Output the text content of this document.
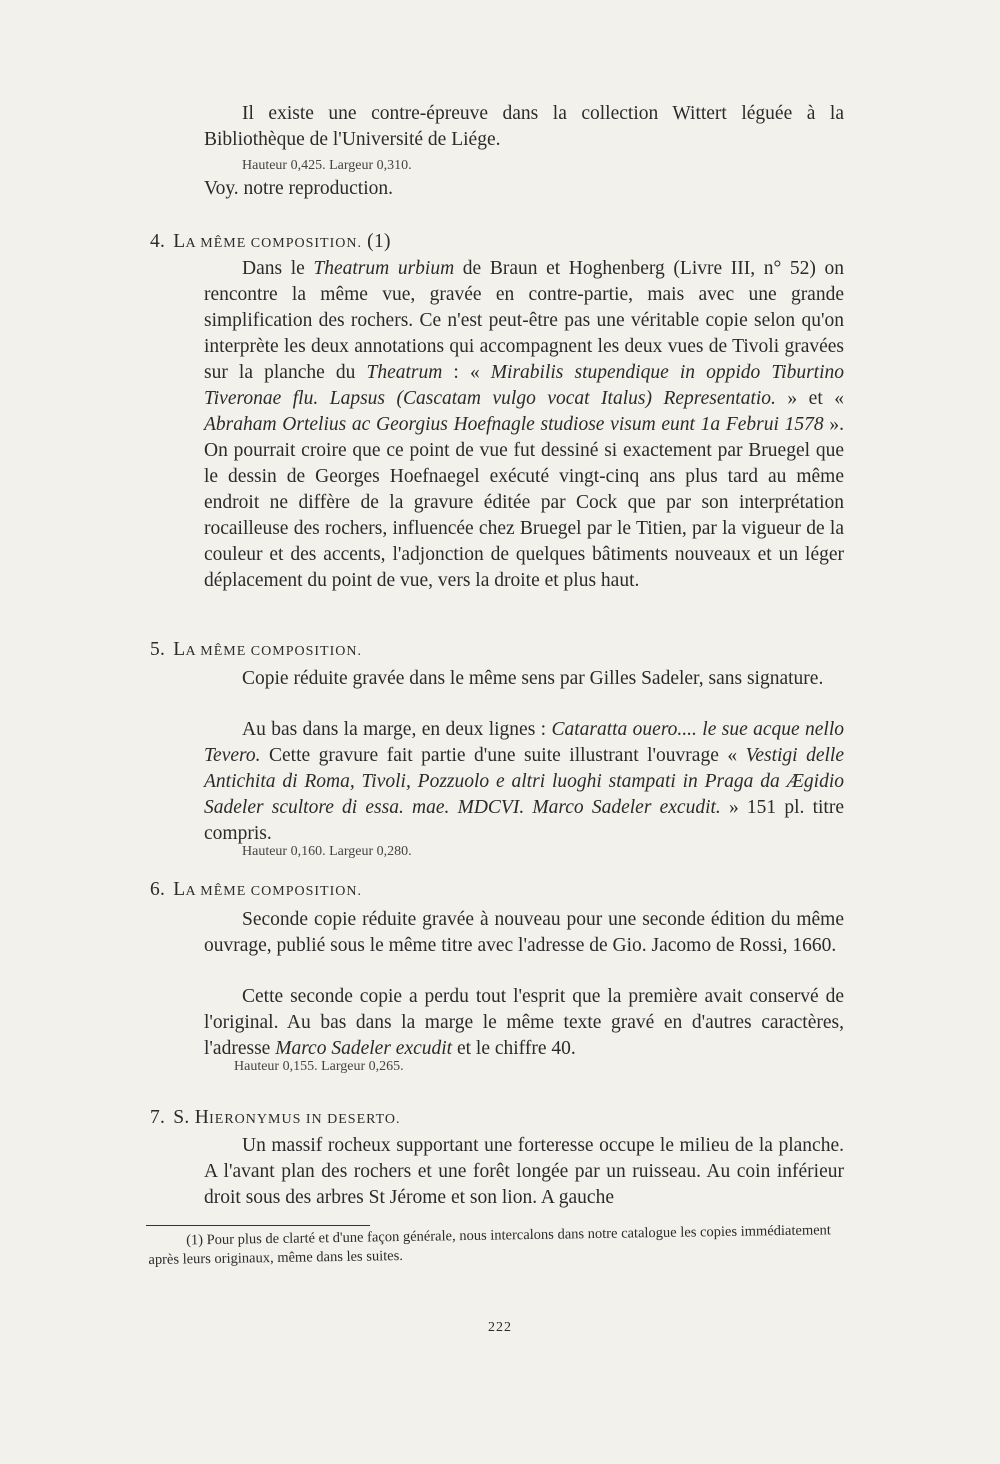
Il existe une contre-épreuve dans la collection Wittert léguée à la Bibliothèque de l'Université de Liége.

Hauteur 0,425. Largeur 0,310.

Voy. notre reproduction.

4. LA MÊME COMPOSITION. (1)

Dans le Theatrum urbium de Braun et Hoghenberg (Livre III, n° 52) on rencontre la même vue, gravée en contre-partie, mais avec une grande simplification des rochers. Ce n'est peut-être pas une véritable copie selon qu'on interprète les deux annotations qui accompagnent les deux vues de Tivoli gravées sur la planche du Theatrum : « Mirabilis stupendique in oppido Tiburtino Tiveronae flu. Lapsus (Cascatam vulgo vocat Italus) Representatio. » et « Abraham Ortelius ac Georgius Hoefnagle studiose visum eunt 1a Februi 1578 ». On pourrait croire que ce point de vue fut dessiné si exactement par Bruegel que le dessin de Georges Hoefnaegel exécuté vingt-cinq ans plus tard au même endroit ne diffère de la gravure éditée par Cock que par son interprétation rocailleuse des rochers, influencée chez Bruegel par le Titien, par la vigueur de la couleur et des accents, l'adjonction de quelques bâtiments nouveaux et un léger déplacement du point de vue, vers la droite et plus haut.

5. LA MÊME COMPOSITION.

Copie réduite gravée dans le même sens par Gilles Sadeler, sans signature.

Au bas dans la marge, en deux lignes : Cataratta ouero.... le sue acque nello Tevero. Cette gravure fait partie d'une suite illustrant l'ouvrage « Vestigi delle Antichita di Roma, Tivoli, Pozzuolo e altri luoghi stampati in Praga da Ægidio Sadeler scultore di essa. mae. MDCVI. Marco Sadeler excudit. » 151 pl. titre compris.

Hauteur 0,160. Largeur 0,280.

6. LA MÊME COMPOSITION.

Seconde copie réduite gravée à nouveau pour une seconde édition du même ouvrage, publié sous le même titre avec l'adresse de Gio. Jacomo de Rossi, 1660.

Cette seconde copie a perdu tout l'esprit que la première avait conservé de l'original. Au bas dans la marge le même texte gravé en d'autres caractères, l'adresse Marco Sadeler excudit et le chiffre 40.

Hauteur 0,155. Largeur 0,265.

7. S. HIERONYMUS IN DESERTO.

Un massif rocheux supportant une forteresse occupe le milieu de la planche. A l'avant plan des rochers et une forêt longée par un ruisseau. Au coin inférieur droit sous des arbres St Jérome et son lion. A gauche

(1) Pour plus de clarté et d'une façon générale, nous intercalons dans notre catalogue les copies immédiatement après leurs originaux, même dans les suites.

222
